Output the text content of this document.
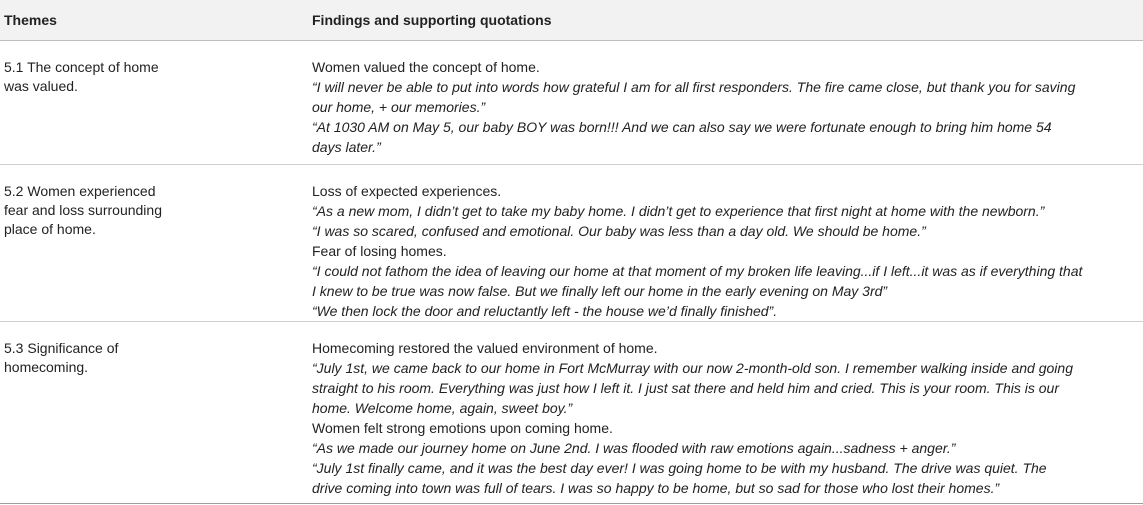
Themes	Findings and supporting quotations
5.1 The concept of home
was valued.
Women valued the concept of home.
“I will never be able to put into words how grateful I am for all first responders. The fire came close, but thank you for saving
our home, + our memories.”
“At 1030 AM on May 5, our baby BOY was born!!! And we can also say we were fortunate enough to bring him home 54
days later.”
5.2 Women experienced
fear and loss surrounding
place of home.
Loss of expected experiences.
“As a new mom, I didn’t get to take my baby home. I didn’t get to experience that first night at home with the newborn.”
“I was so scared, confused and emotional. Our baby was less than a day old. We should be home.”
Fear of losing homes.
“I could not fathom the idea of leaving our home at that moment of my broken life leaving...if I left...it was as if everything that
I knew to be true was now false. But we finally left our home in the early evening on May 3rd”
“We then lock the door and reluctantly left - the house we’d finally finished”.
5.3 Significance of
homecoming.
Homecoming restored the valued environment of home.
“July 1st, we came back to our home in Fort McMurray with our now 2-month-old son. I remember walking inside and going
straight to his room. Everything was just how I left it. I just sat there and held him and cried. This is your room. This is our
home. Welcome home, again, sweet boy.”
Women felt strong emotions upon coming home.
“As we made our journey home on June 2nd. I was flooded with raw emotions again...sadness + anger.”
“July 1st finally came, and it was the best day ever! I was going home to be with my husband. The drive was quiet. The
drive coming into town was full of tears. I was so happy to be home, but so sad for those who lost their homes.”
